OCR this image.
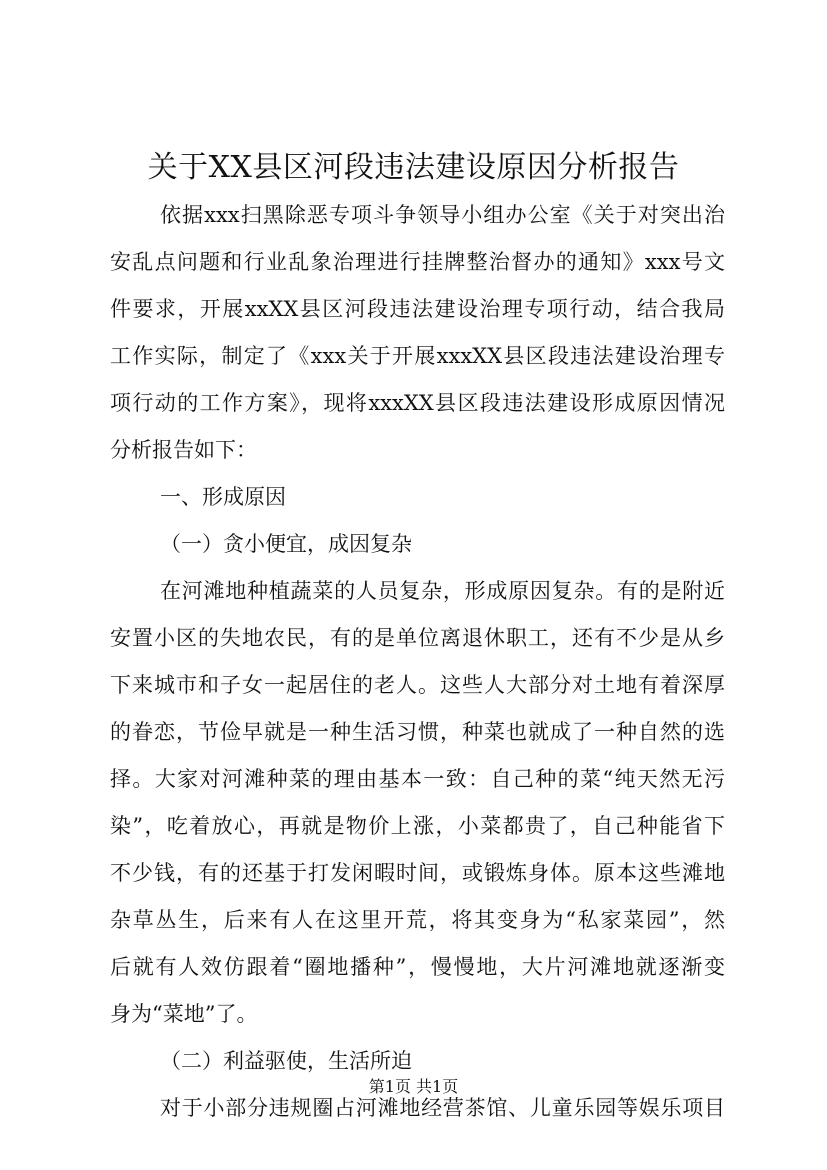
关于XX县区河段违法建设原因分析报告
依据xxx扫黑除恶专项斗争领导小组办公室《关于对突出治
安乱点问题和行业乱象治理进行挂牌整治督办的通知》xxx号文
件要求，开展xxXX县区河段违法建设治理专项行动，结合我局
工作实际，制定了《xxx关于开展xxxXX县区段违法建设治理专
项行动的工作方案》，现将xxxXX县区段违法建设形成原因情况
分析报告如下：
一、形成原因
（一）贪小便宜，成因复杂
在河滩地种植蔬菜的人员复杂，形成原因复杂。有的是附近
安置小区的失地农民，有的是单位离退休职工，还有不少是从乡
下来城市和子女一起居住的老人。这些人大部分对土地有着深厚
的眷恋，节俭早就是一种生活习惯，种菜也就成了一种自然的选
择。大家对河滩种菜的理由基本一致：自己种的菜“纯天然无污
染”，吃着放心，再就是物价上涨，小菜都贵了，自己种能省下
不少钱，有的还基于打发闲暇时间，或锻炼身体。原本这些滩地
杂草丛生，后来有人在这里开荒，将其变身为“私家菜园”，然
后就有人效仿跟着“圈地播种”，慢慢地，大片河滩地就逐渐变
身为“菜地”了。
第1页 共1页
（二）利益驱使，生活所迫
对于小部分违规圈占河滩地经营茶馆、儿童乐园等娱乐项目
